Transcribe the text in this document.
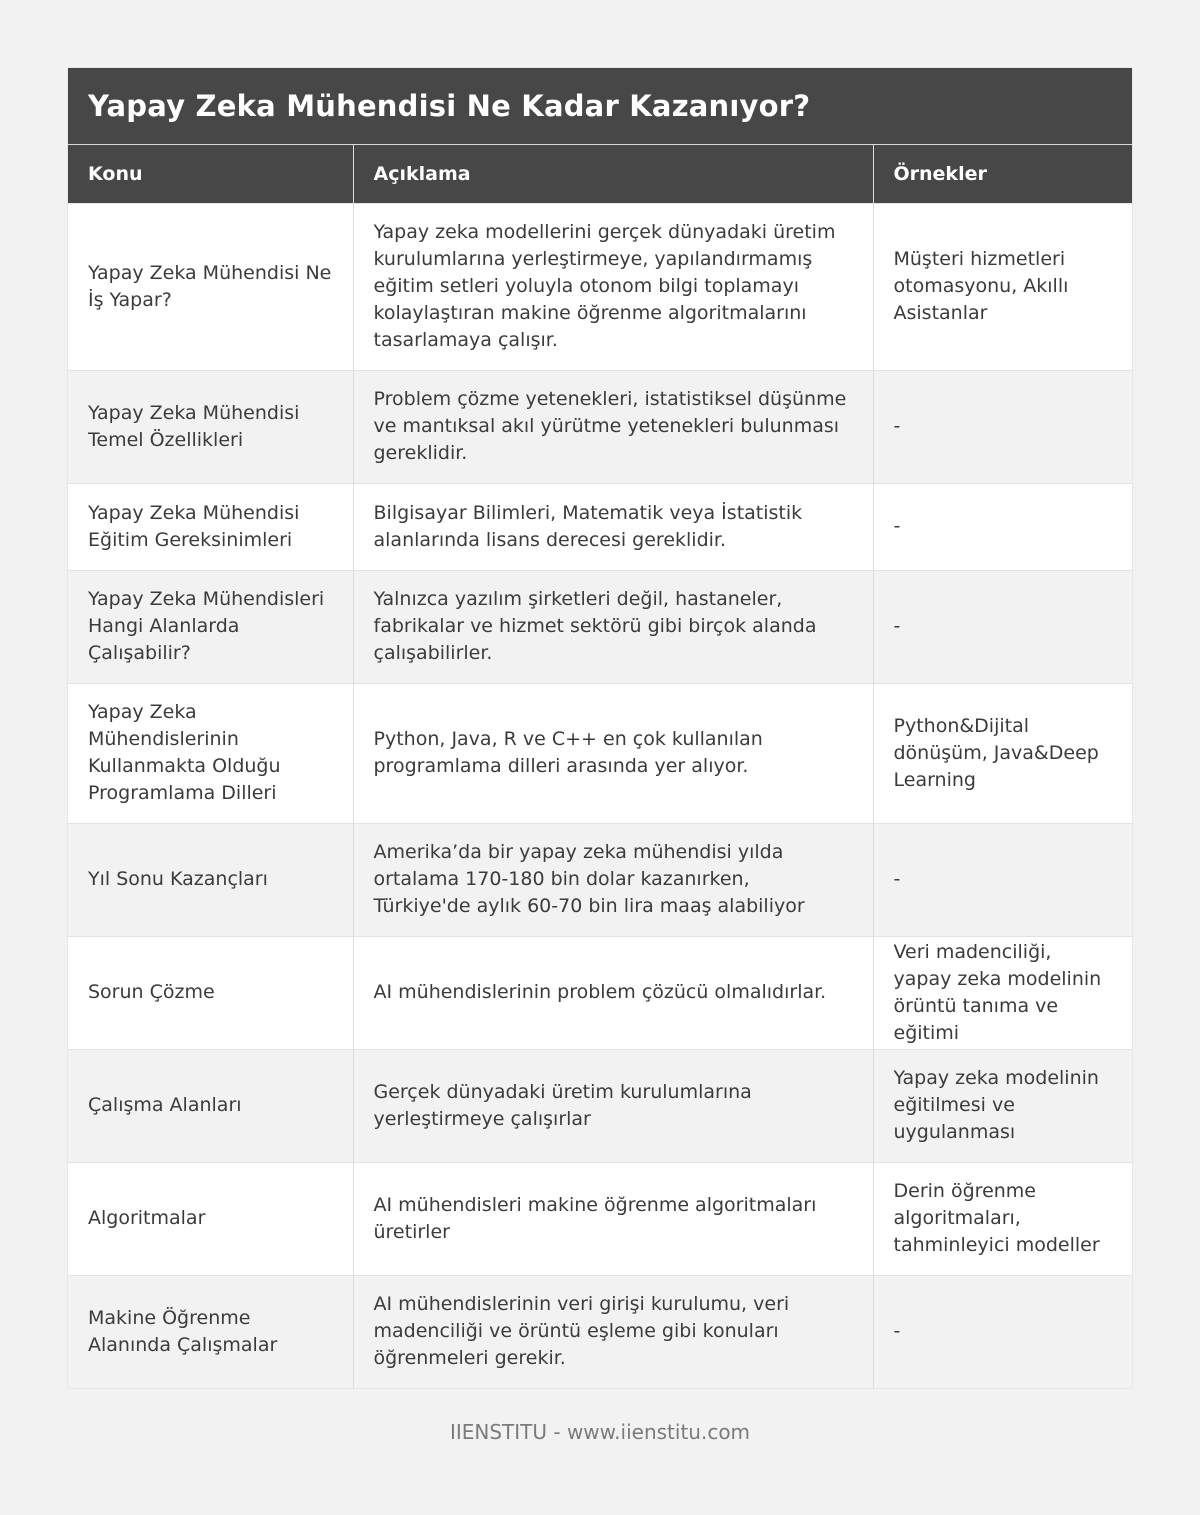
Yapay Zeka Mühendisi Ne Kadar Kazanıyor?
Konu	Açıklama	Örnekler
Yapay Zeka Mühendisi Ne İş Yapar?	Yapay zeka modellerini gerçek dünyadaki üretim kurulumlarına yerleştirmeye, yapılandırmamış eğitim setleri yoluyla otonom bilgi toplamayı kolaylaştıran makine öğrenme algoritmalarını tasarlamaya çalışır.	Müşteri hizmetleri otomasyonu, Akıllı Asistanlar
Yapay Zeka Mühendisi Temel Özellikleri	Problem çözme yetenekleri, istatistiksel düşünme ve mantıksal akıl yürütme yetenekleri bulunması gereklidir.	-
Yapay Zeka Mühendisi Eğitim Gereksinimleri	Bilgisayar Bilimleri, Matematik veya İstatistik alanlarında lisans derecesi gereklidir.	-
Yapay Zeka Mühendisleri Hangi Alanlarda Çalışabilir?	Yalnızca yazılım şirketleri değil, hastaneler, fabrikalar ve hizmet sektörü gibi birçok alanda çalışabilirler.	-
Yapay Zeka Mühendislerinin Kullanmakta Olduğu Programlama Dilleri	Python, Java, R ve C++ en çok kullanılan programlama dilleri arasında yer alıyor.	Python&Dijital dönüşüm, Java&Deep Learning
Yıl Sonu Kazançları	Amerika’da bir yapay zeka mühendisi yılda ortalama 170-180 bin dolar kazanırken, Türkiye'de aylık 60-70 bin lira maaş alabiliyor	-
Sorun Çözme	AI mühendislerinin problem çözücü olmalıdırlar.	Veri madenciliği, yapay zeka modelinin örüntü tanıma ve eğitimi
Çalışma Alanları	Gerçek dünyadaki üretim kurulumlarına yerleştirmeye çalışırlar	Yapay zeka modelinin eğitilmesi ve uygulanması
Algoritmalar	AI mühendisleri makine öğrenme algoritmaları üretirler	Derin öğrenme algoritmaları, tahminleyici modeller
Makine Öğrenme Alanında Çalışmalar	AI mühendislerinin veri girişi kurulumu, veri madenciliği ve örüntü eşleme gibi konuları öğrenmeleri gerekir.	-
IIENSTITU - www.iienstitu.com
